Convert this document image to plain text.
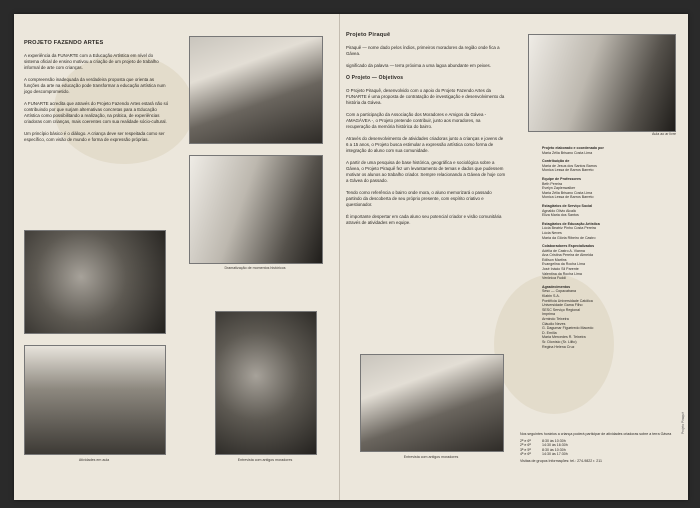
PROJETO FAZENDO ARTES

A experiência da FUNARTE com a Educação Artística em nível do sistema oficial de ensino motivou a criação de um projeto de trabalho informal de arte com crianças.

A compreensão inadequada da verdadeira proposta que orienta as funções da arte na educação pode transformar a educação artística num jogo descomprometido.

A FUNARTE acredita que através do Projeto Fazendo Artes estará não só contribuindo por que surjam alternativas concretas para a Educação Artística como possibilitando a realização, na prática, de experiências criadoras com crianças, mais coerentes com sua realidade sócio-cultural.

Um princípio básico é o diálogo. A criança deve ser respeitada como ser específico, com visão de mundo e forma de expressão próprias.

Dramatização de momentos históricos
Atividades em aula	Entrevista com antigos moradores
Projeto Piraquê

Piraquê — nome dado pelos índios, primeiros moradores da região onde fica a Gávea.

significado da palavra — terra próxima a uma lagoa abundante em peixes.

O Projeto — Objetivos

O Projeto Piraquê, desenvolvido com o apoio do Projeto Fazendo Artes da FUNARTE é uma proposta de contratação de investigação e desenvolvimento da história da Gávea.

Com a participação da Associação dos Moradores e Amigos da Gávea - AMAGÁVEA -, o Projeto pretende contribuir, junto aos moradores, na recuperação da memória histórica do bairro.

Através do desenvolvimento de atividades criadoras junto a crianças e jovens de 6 a 15 anos, o Projeto busca estimular a expressão artística como forma de integração do aluno com sua comunidade.

A partir de uma pesquisa de base histórica, geográfica e sociológica sobre a Gávea, o Projeto Piraquê fez um levantamento de temas e dados que pudessem motivar os alunos ao trabalho criador. Sempre relacionando a Gávea de hoje com a Gávea do passado.

Tendo como referência o bairro onde mora, o aluno memorizará o passado partindo da descoberta de seu próprio presente, com espírito criativo e questionador.

É importante despertar em cada aluno seu potencial criador e visão comunitária através de atividades em equipe.

Entrevista com antigos moradores
Aula ao ar livre
Projeto elaborado e coordenado por
Maria Zélia Brisano Costa Lima
Contribuição de
Maria de Jesus dos Santos Barros
Monica Lessa de Barros Barreto
Equipe de Professores
Beth Pereira
Evelyn Zaplenwalker
Maria Zélia Brisano Costa Lima
Monica Lessa de Barros Barreto
Estagiários de Serviço Social
Agnaldo Olivio Alcalá
Eliza Maria dos Santos
Estagiários de Educação Artística
Lúcia Beatriz Pinho Costa Pereira
Lúcia Neves
Maria da Glória Ribeiro de Castro
Colaboradores Especializados
Adélia de Castro A. Vianna
Ana Cristina Pereira de Almeida
Edilson Martins
Evangelina da Rocha Lima
José Inácio Sil Parente
Valentina da Rocha Lima
Verônica Fuddi
Agradecimentos
Sesc — Copacabana
Klabin S.A.
Pontifícia Universidade Católica
Universidade Gama Filho
SESC Serviço Regional
Imprima
Armindo Teixeira
Cláudio Neves
G. Dagumar Figueiredo Macedo
D. Emília
Maria Mercedes R. Teixeira
Sr. Dionísio (Sr. Lilito)
Regina Helena Cruz
Nos seguintes horários a criança poderá participar de atividades criadoras sobre a terra Gávea
2ª e 6ª	8:30 às 10:30h
2ª e 6ª	14:30 às 16:30h
3ª e 5ª	8:30 às 10:30h
4ª e 6ª	14:30 às 17:30h
Visitas de grupos Informações: tel.: 274-9822 r. 211
Projeto Piraquê
